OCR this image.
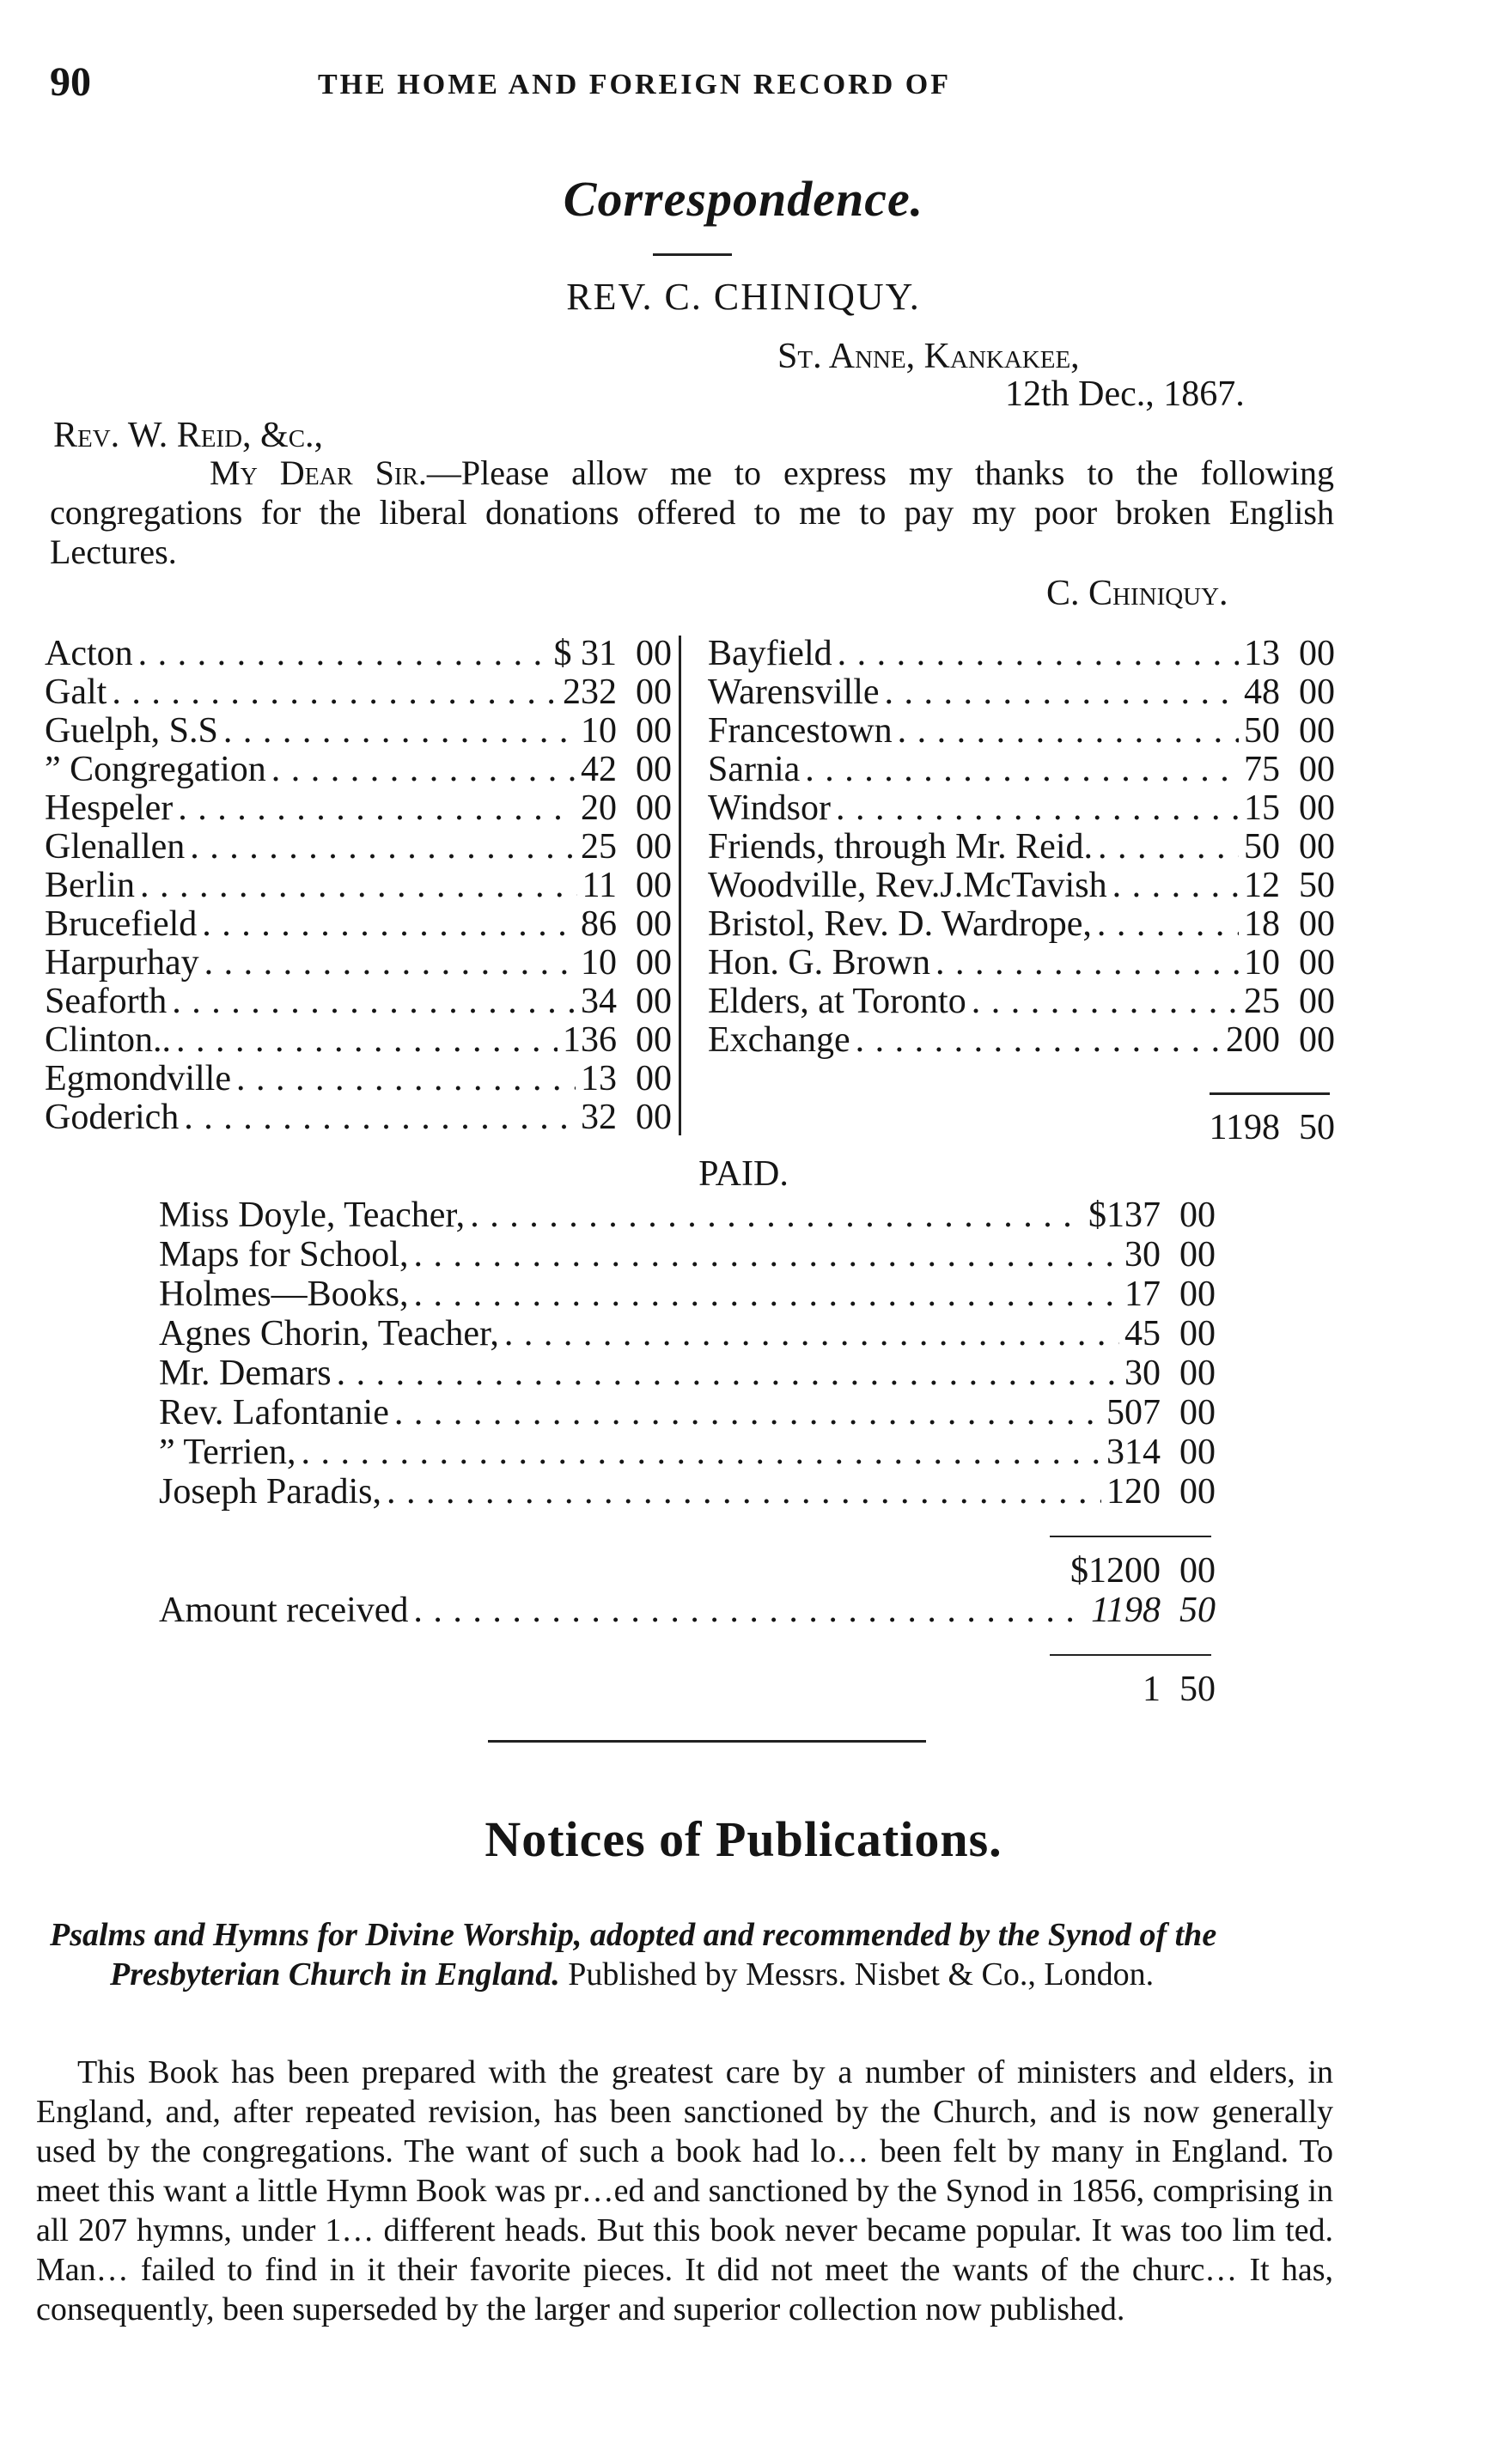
90	THE HOME AND FOREIGN RECORD OF
Correspondence.
REV. C. CHINIQUY.
St. Anne, Kankakee,
12th Dec., 1867.
Rev. W. Reid, &c.,
My Dear Sir.—Please allow me to express my thanks to the following congregations for the liberal donations offered to me to pay my poor broken English Lectures.
C. Chiniquy.
Acton . . .	$ 31 00
Galt . . .	232 00
Guelph, S.S . . .	10 00
” Congregation . . .	42 00
Hespeler . . .	20 00
Glenallen . . .	25 00
Berlin . . .	11 00
Brucefield . . .	86 00
Harpurhay . . .	10 00
Seaforth . . .	34 00
Clinton.. . . .	136 00
Egmondville . . .	13 00
Goderich . . .	32 00
Bayfield . . .	13 00
Warensville . . .	48 00
Francestown . . .	50 00
Sarnia . . .	75 00
Windsor . . .	15 00
Friends, through Mr. Reid. . . .	50 00
Woodville, Rev.J.McTavish . . .	12 50
Bristol, Rev. D. Wardrope, . . .	18 00
Hon. G. Brown . . .	10 00
Elders, at Toronto . . .	25 00
Exchange . . .	200 00
1198 50
PAID.
Miss Doyle, Teacher, . . .	$137 00
Maps for School, . . .	30 00
Holmes—Books, . . .	17 00
Agnes Chorin, Teacher, . . .	45 00
Mr. Demars . . .	30 00
Rev. Lafontanie . . .	507 00
” Terrien, . . .	314 00
Joseph Paradis, . . .	120 00
$1200 00
Amount received . . .	1198 50
1 50
Notices of Publications.
Psalms and Hymns for Divine Worship, adopted and recommended by the Synod of the Presbyterian Church in England. Published by Messrs. Nisbet & Co., London.
This Book has been prepared with the greatest care by a number of ministers and elders, in England, and, after repeated revision, has been sanctioned by the Church, and is now generally used by the congregations. The want of such a book had lo… been felt by many in England. To meet this want a little Hymn Book was pr…ed and sanctioned by the Synod in 1856, comprising in all 207 hymns, under 1… different heads. But this book never became popular. It was too lim ted. Man… failed to find in it their favorite pieces. It did not meet the wants of the churc… It has, consequently, been superseded by the larger and superior collection now published.
